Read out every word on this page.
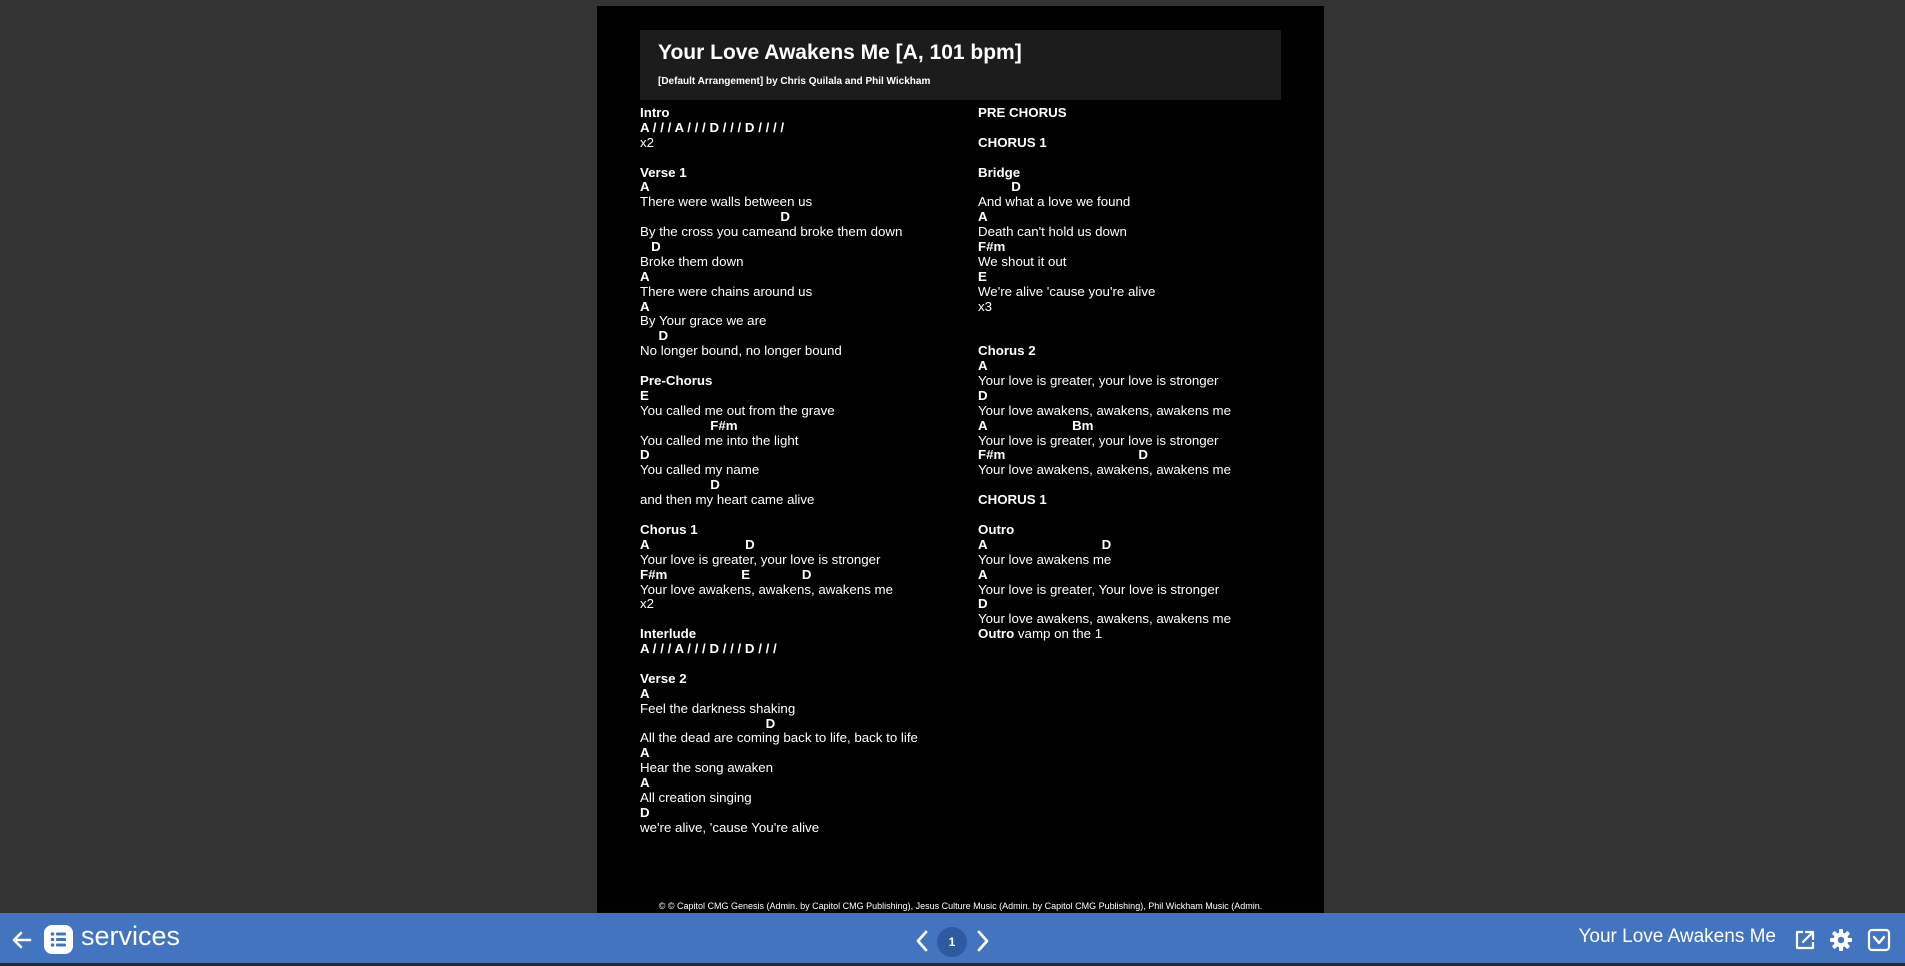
Your Love Awakens Me [A, 101 bpm]
[Default Arrangement] by Chris Quilala and Phil Wickham
Intro
A / / / A / / / D / / / D / / / /
x2
Verse 1
A
There were walls between us
D
By the cross you cameand broke them down
D
Broke them down
A
There were chains around us
A
By Your grace we are
D
No longer bound, no longer bound
Pre-Chorus
E
You called me out from the grave
F#m
You called me into the light
D
You called my name
D
and then my heart came alive
Chorus 1
A                          D
Your love is greater, your love is stronger
F#m                    E              D
Your love awakens, awakens, awakens me
x2
Interlude
A / / / A / / / D / / / D / / /
Verse 2
A
Feel the darkness shaking
D
All the dead are coming back to life, back to life
A
Hear the song awaken
A
All creation singing
D
we're alive, 'cause You're alive
PRE CHORUS
CHORUS 1
Bridge
D
And what a love we found
A
Death can't hold us down
F#m
We shout it out
E
We're alive 'cause you're alive
x3
Chorus 2
A
Your love is greater, your love is stronger
D
Your love awakens, awakens, awakens me
A                       Bm
Your love is greater, your love is stronger
F#m                                    D
Your love awakens, awakens, awakens me
CHORUS 1
Outro
A                               D
Your love awakens me
A
Your love is greater, Your love is stronger
D
Your love awakens, awakens, awakens me
Outro vamp on the 1
© © Capitol CMG Genesis (Admin. by Capitol CMG Publishing), Jesus Culture Music (Admin. by Capitol CMG Publishing), Phil Wickham Music (Admin.
services	1	Your Love Awakens Me
